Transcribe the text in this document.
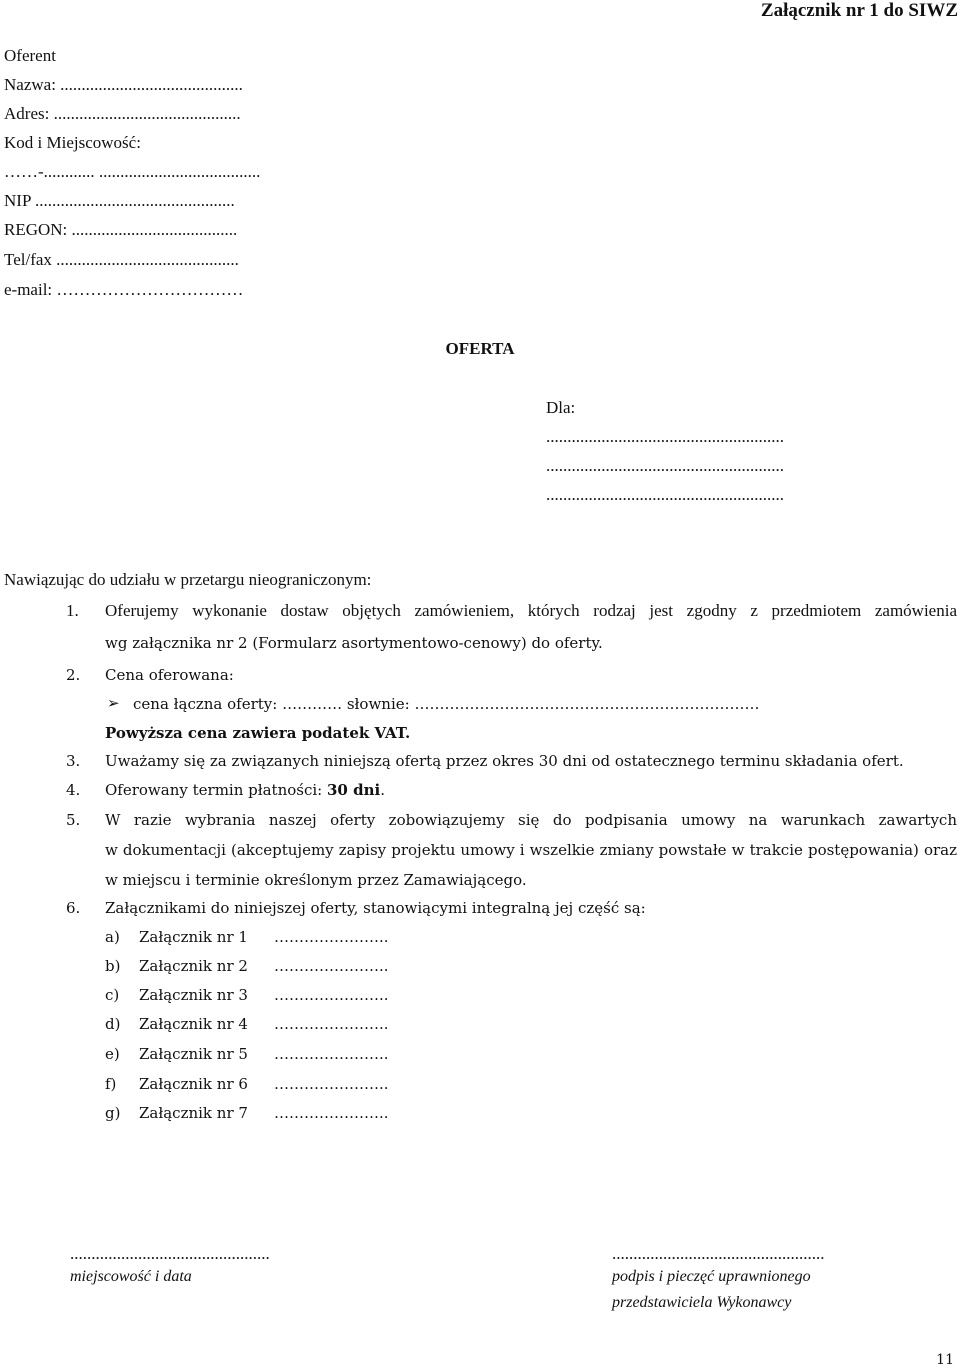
Załącznik nr 1 do SIWZ
Oferent
Nazwa: ...........................................
Adres: ............................................
Kod i Miejscowość:
……-............ ......................................
NIP ...............................................
REGON: .......................................
Tel/fax ...........................................
e-mail: ……………………………
OFERTA
Dla:
........................................................
........................................................
........................................................
Nawiązując do udziału w przetargu nieograniczonym:
1. Oferujemy wykonanie dostaw objętych zamówieniem, których rodzaj jest zgodny z przedmiotem zamówienia
wg załącznika nr 2 (Formularz asortymentowo-cenowy) do oferty.
2. Cena oferowana:
➢ cena łączna oferty: ………… słownie: ……………………………………………………………
Powyższa cena zawiera podatek VAT.
3. Uważamy się za związanych niniejszą ofertą przez okres 30 dni od ostatecznego terminu składania ofert.
4. Oferowany termin płatności: 30 dni.
5. W razie wybrania naszej oferty zobowiązujemy się do podpisania umowy na warunkach zawartych
w dokumentacji (akceptujemy zapisy projektu umowy i wszelkie zmiany powstałe w trakcie postępowania) oraz
w miejscu i terminie określonym przez Zamawiającego.
6. Załącznikami do niniejszej oferty, stanowiącymi integralną jej część są:
a) Załącznik nr 1 …………………..
b) Załącznik nr 2 …………………..
c) Załącznik nr 3 …………………..
d) Załącznik nr 4 …………………..
e) Załącznik nr 5 …………………..
f) Załącznik nr 6 …………………..
g) Załącznik nr 7 …………………..
...............................................
miejscowość i data
..................................................
podpis i pieczęć uprawnionego
przedstawiciela Wykonawcy
11
